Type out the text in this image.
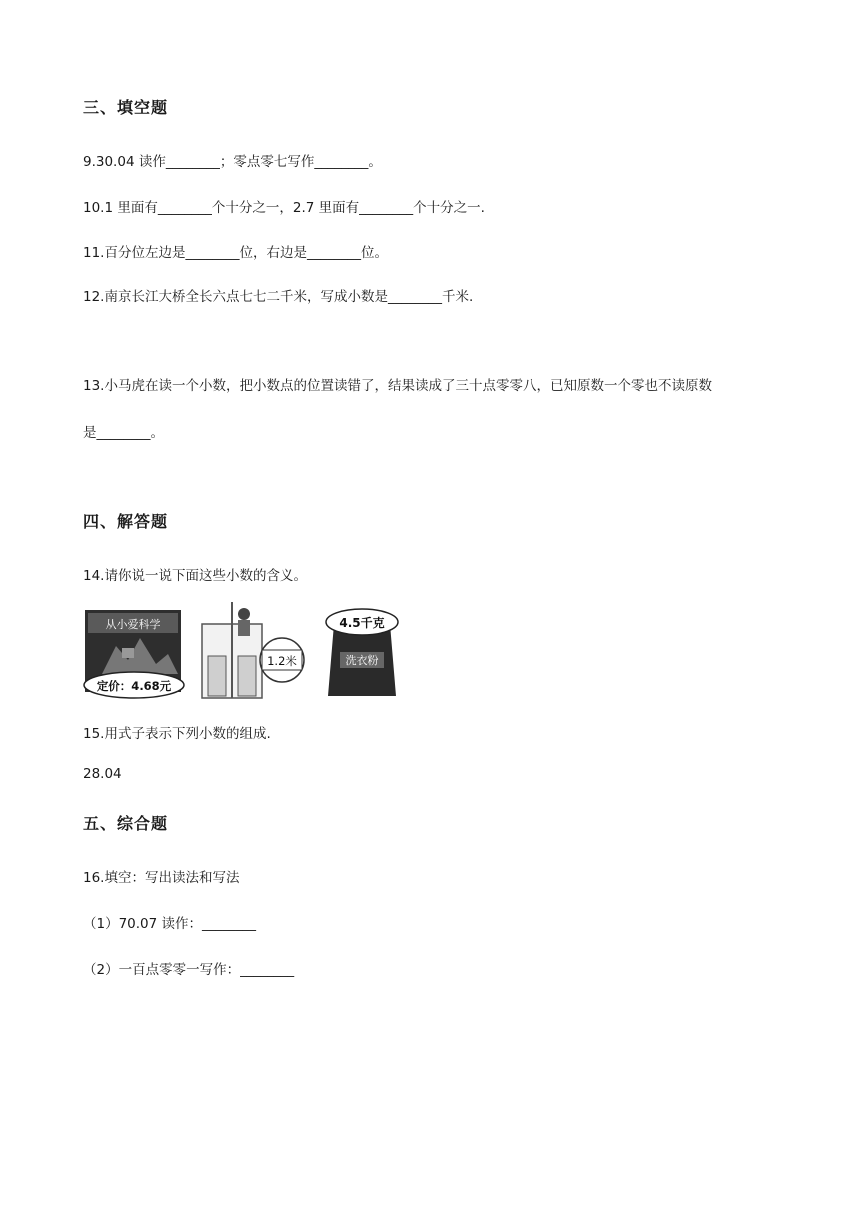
三、填空题

9.30.04 读作________；零点零七写作________。

10.1 里面有________个十分之一，2.7 里面有________个十分之一.

11.百分位左边是________位，右边是________位。

12.南京长江大桥全长六点七七二千米，写成小数是________千米.

13.小马虎在读一个小数，把小数点的位置读错了，结果读成了三十点零零八，已知原数一个零也不读原数

是________。

四、解答题

14.请你说一说下面这些小数的含义。

从小爱科学
定价：4.68元
1.2米
4.5千克
洗衣粉

15.用式子表示下列小数的组成.

28.04

五、综合题

16.填空：写出读法和写法

（1）70.07 读作：________

（2）一百点零零一写作：________
